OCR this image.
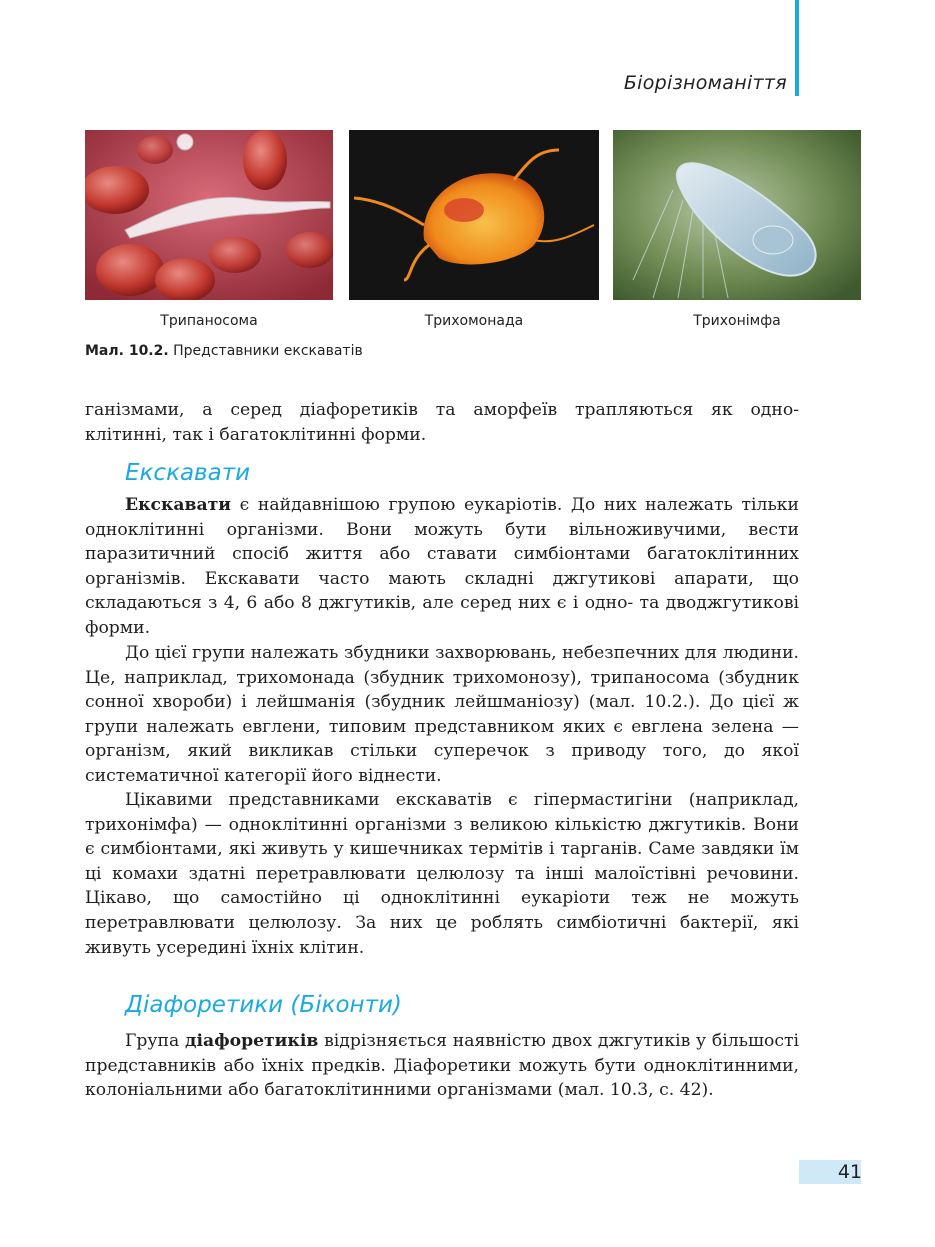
Біорізноманіття
Трипаносома	Трихомонада	Трихонімфа
Мал. 10.2. Представники екскаватів

ганізмами, а серед діафоретиків та аморфеїв трапляються як одно-

клітинні, так і багатоклітинні форми.

Екскавати

Екскавати є найдавнішою групою еукаріотів. До них належать тільки одноклітинні організми. Вони можуть бути вільноживучими, вести паразитичний спосіб життя або ставати симбіонтами багатоклітинних організмів. Екскавати часто мають складні джгутикові апарати, що складаються з 4, 6 або 8 джгутиків, але серед них є і одно- та дводжгутикові форми.

До цієї групи належать збудники захворювань, небезпечних для людини. Це, наприклад, трихомонада (збудник трихомонозу), трипаносома (збудник сонної хвороби) і лейшманія (збудник лейшманіозу) (мал. 10.2.). До цієї ж групи належать евглени, типовим представником яких є евглена зелена — організм, який викликав стільки суперечок з приводу того, до якої систематичної категорії його віднести.

Цікавими представниками екскаватів є гіпермастигіни (наприклад, трихонімфа) — одноклітинні організми з великою кількістю джгутиків. Вони є симбіонтами, які живуть у кишечниках термітів і тарганів. Саме завдяки їм ці комахи здатні перетравлювати целюлозу та інші малоїстівні речовини. Цікаво, що самостійно ці одноклітинні еукаріоти теж не можуть перетравлювати целюлозу. За них це роблять симбіотичні бактерії, які живуть усередині їхніх клітин.

Діафоретики (Біконти)

Група діафоретиків відрізняється наявністю двох джгутиків у більшості представників або їхніх предків. Діафоретики можуть бути одноклітинними, колоніальними або багатоклітинними організмами (мал. 10.3, с. 42).

41
